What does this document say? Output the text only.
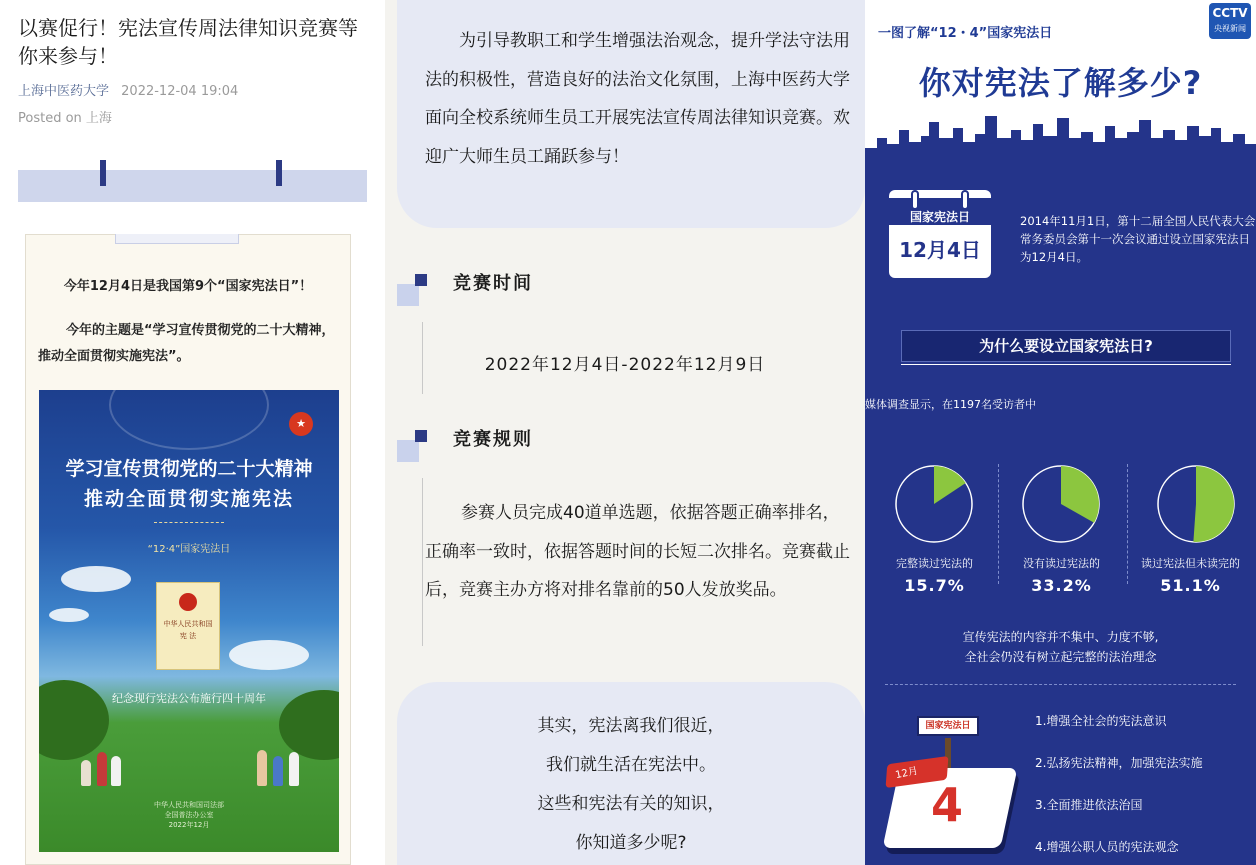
以赛促行！宪法宣传周法律知识竞赛等你来参与！
上海中医药大学 2022-12-04 19:04
Posted on 上海
今年12月4日是我国第9个“国家宪法日”！
今年的主题是“学习宣传贯彻党的二十大精神，推动全面贯彻实施宪法”。
★
学习宣传贯彻党的二十大精神
推动全面贯彻实施宪法
“12·4”国家宪法日
中华人民共和国
宪 法
纪念现行宪法公布施行四十周年
中华人民共和国司法部
全国普法办公室
2022年12月
为引导教职工和学生增强法治观念，提升学法守法用法的积极性，营造良好的法治文化氛围，上海中医药大学面向全校系统师生员工开展宪法宣传周法律知识竞赛。欢迎广大师生员工踊跃参与！
竞赛时间
2022年12月4日-2022年12月9日
竞赛规则
参赛人员完成40道单选题，依据答题正确率排名，正确率一致时，依据答题时间的长短二次排名。竞赛截止后，竞赛主办方将对排名靠前的50人发放奖品。
其实，宪法离我们很近，
我们就生活在宪法中。
这些和宪法有关的知识，
你知道多少呢?
一图了解“12・4”国家宪法日
CCTV
央视新闻
你对宪法了解多少?
国家宪法日
12月4日
2014年11月1日，第十二届全国人民代表大会常务委员会第十一次会议通过设立国家宪法日为12月4日。
为什么要设立国家宪法日?
媒体调查显示，在1197名受访者中
完整读过宪法的	没有读过宪法的	读过宪法但未读完的
15.7%	33.2%	51.1%
宣传宪法的内容并不集中、力度不够,
全社会仍没有树立起完整的法治理念
国家宪法日
12月
4
1.增强全社会的宪法意识
2.弘扬宪法精神，加强宪法实施
3.全面推进依法治国
4.增强公职人员的宪法观念
